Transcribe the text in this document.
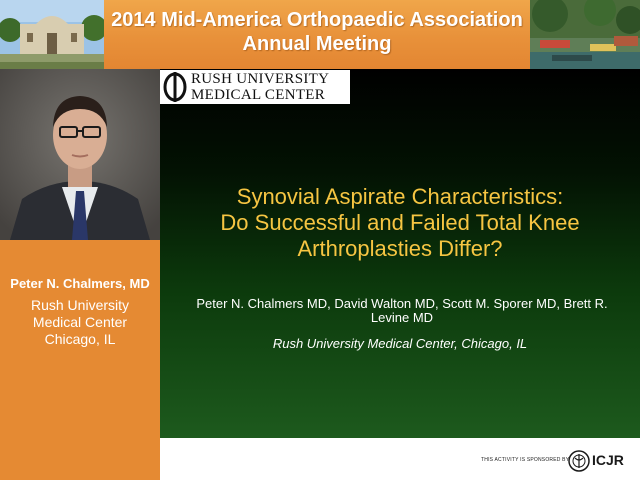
2014 Mid-America Orthopaedic Association
Annual Meeting
Peter N. Chalmers, MD
Rush University
Medical Center
Chicago, IL
RUSH UNIVERSITY
MEDICAL CENTER
Synovial Aspirate Characteristics:
Do Successful and Failed Total Knee
Arthroplasties Differ?
Peter N. Chalmers MD, David Walton MD, Scott M. Sporer MD, Brett R. Levine MD
Rush University Medical Center, Chicago, IL
THIS ACTIVITY IS SPONSORED BY ICJR
